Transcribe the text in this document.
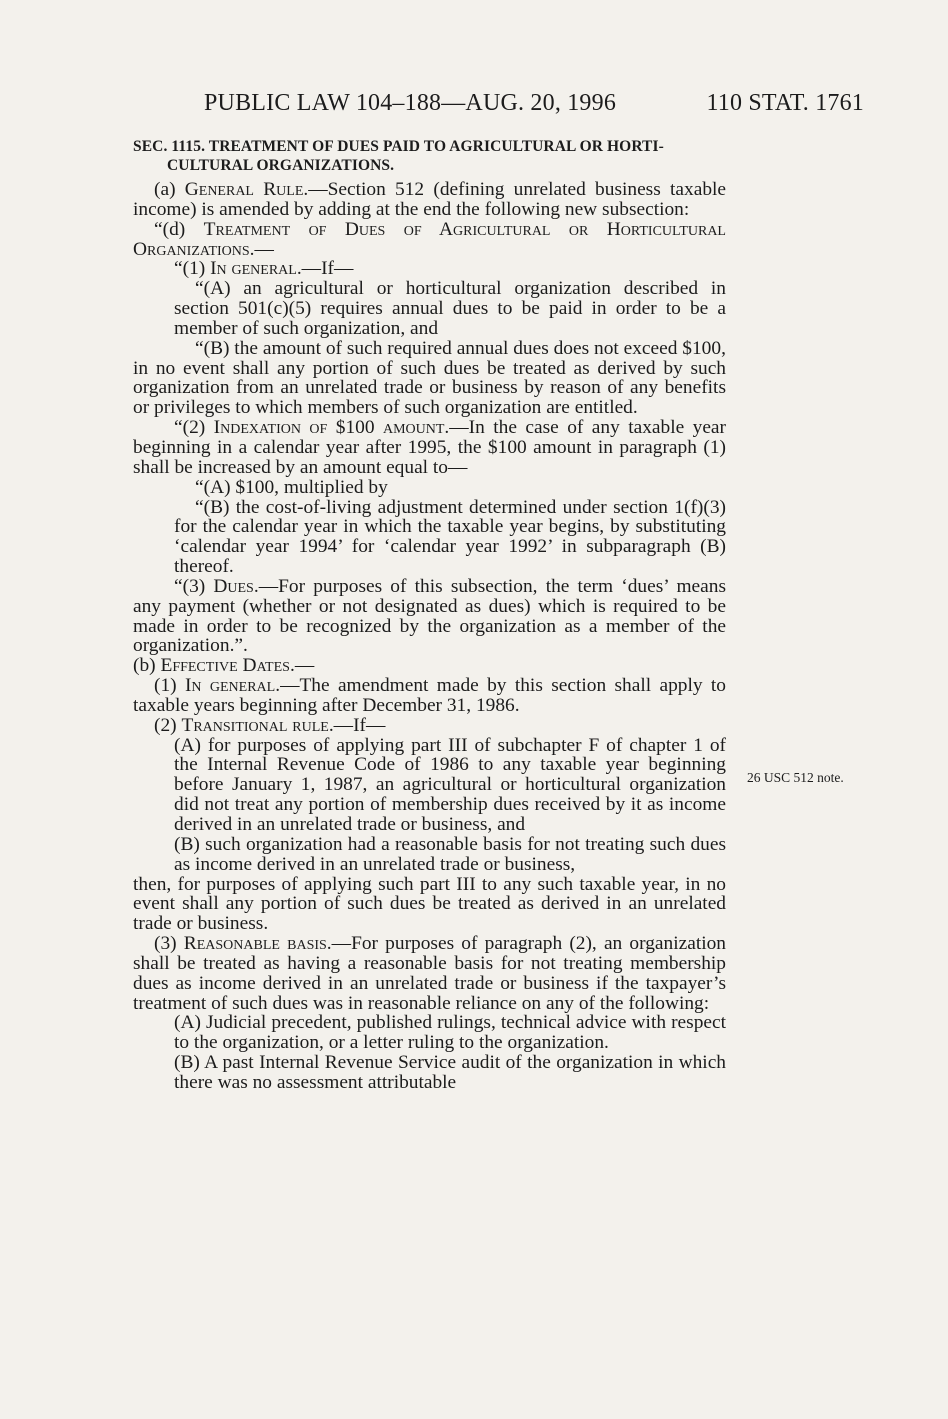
PUBLIC LAW 104–188—AUG. 20, 1996	110 STAT. 1761
SEC. 1115. TREATMENT OF DUES PAID TO AGRICULTURAL OR HORTI-
CULTURAL ORGANIZATIONS.
26 USC 512 note.

(a) General Rule.—Section 512 (defining unrelated business taxable income) is amended by adding at the end the following new subsection:

“(d) Treatment of Dues of Agricultural or Horticultural Organizations.—

“(1) In general.—If—

“(A) an agricultural or horticultural organization described in section 501(c)(5) requires annual dues to be paid in order to be a member of such organization, and

“(B) the amount of such required annual dues does not exceed $100,

in no event shall any portion of such dues be treated as derived by such organization from an unrelated trade or business by reason of any benefits or privileges to which members of such organization are entitled.

“(2) Indexation of $100 amount.—In the case of any taxable year beginning in a calendar year after 1995, the $100 amount in paragraph (1) shall be increased by an amount equal to—

“(A) $100, multiplied by

“(B) the cost-of-living adjustment determined under section 1(f)(3) for the calendar year in which the taxable year begins, by substituting ‘calendar year 1994’ for ‘calendar year 1992’ in subparagraph (B) thereof.

“(3) Dues.—For purposes of this subsection, the term ‘dues’ means any payment (whether or not designated as dues) which is required to be made in order to be recognized by the organization as a member of the organization.”.

(b) Effective Dates.—

(1) In general.—The amendment made by this section shall apply to taxable years beginning after December 31, 1986.

(2) Transitional rule.—If—

(A) for purposes of applying part III of subchapter F of chapter 1 of the Internal Revenue Code of 1986 to any taxable year beginning before January 1, 1987, an agricultural or horticultural organization did not treat any portion of membership dues received by it as income derived in an unrelated trade or business, and

(B) such organization had a reasonable basis for not treating such dues as income derived in an unrelated trade or business,

then, for purposes of applying such part III to any such taxable year, in no event shall any portion of such dues be treated as derived in an unrelated trade or business.

(3) Reasonable basis.—For purposes of paragraph (2), an organization shall be treated as having a reasonable basis for not treating membership dues as income derived in an unrelated trade or business if the taxpayer’s treatment of such dues was in reasonable reliance on any of the following:

(A) Judicial precedent, published rulings, technical advice with respect to the organization, or a letter ruling to the organization.

(B) A past Internal Revenue Service audit of the organization in which there was no assessment attributable
